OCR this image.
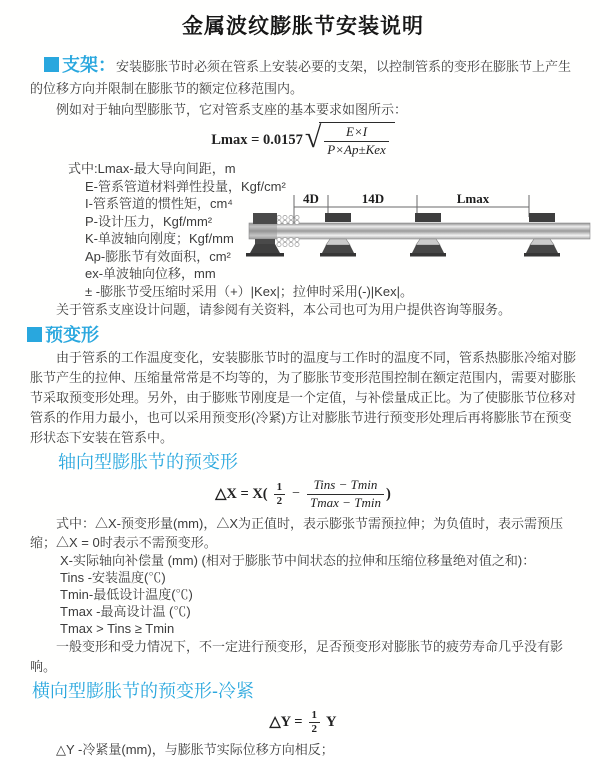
金属波纹膨胀节安装说明

支架：安装膨胀节时必须在管系上安装必要的支架，以控制管系的变形在膨胀节上产生的位移方向并限制在膨胀节的额定位移范围内。

例如对于轴向型膨胀节，它对管系支座的基本要求如图所示：

Lmax = 0.0157 √
$\frac{E\times I}{\text{P×Ap±Kex}}$
式中:Lmax-最大导向间距，m
E-管系管道材料弹性投量，Kgf/cm²
I-管系管道的惯性矩，cm⁴
P-设计压力，Kgf/mm²
K-单波轴向刚度；Kgf/mm
Ap-膨胀节有效面积，cm²
ex-单波轴向位移，mm
± -膨胀节受压缩时采用（+）|Kex|；拉伸时采用(-)|Kex|。
4D	14D	Lmax

关于管系支座设计问题，请参阅有关资料，本公司也可为用户提供咨询等服务。

预变形

由于管系的工作温度变化，安装膨胀节时的温度与工作时的温度不同，管系热膨胀冷缩对膨胀节产生的拉伸、压缩量常常是不均等的，为了膨胀节变形范围控制在额定范围内，需要对膨胀节采取预变形处理。另外，由于膨账节刚度是一个定值，与补偿量成正比。为了使膨胀节位移对管系的作用力最小，也可以采用预变形(冷紧)方让对膨胀节进行预变形处理后再将膨胀节在预变形状态下安装在管系中。

轴向型膨胀节的预变形
△X = $X( \frac{1}{2} - \frac{\text{Tins − Tmin}}{Tmax - Tmin}$ )

式中：△X-预变形量(mm)，△X为正值时，表示膨张节需预拉伸；为负值时，表示需预压缩；△X = 0时表示不需预变形。

X-实际轴向补偿量 (mm) (相对于膨胀节中间状态的拉伸和压缩位移量绝对值之和)：
Tins -安装温度(℃)
Tmin-最低设计温度(℃)
Tmax -最高设计温 (℃)
Tmax > Tins ≥ Tmin

一般变形和受力情况下，不一定进行预变形，足否预变形对膨胀节的疲劳寿命几乎没有影响。

横向型膨胀节的预变形-冷紧
△Y = $\frac{1}{2}$ Y

△Y -冷紧量(mm)，与膨胀节实际位移方向相反；
